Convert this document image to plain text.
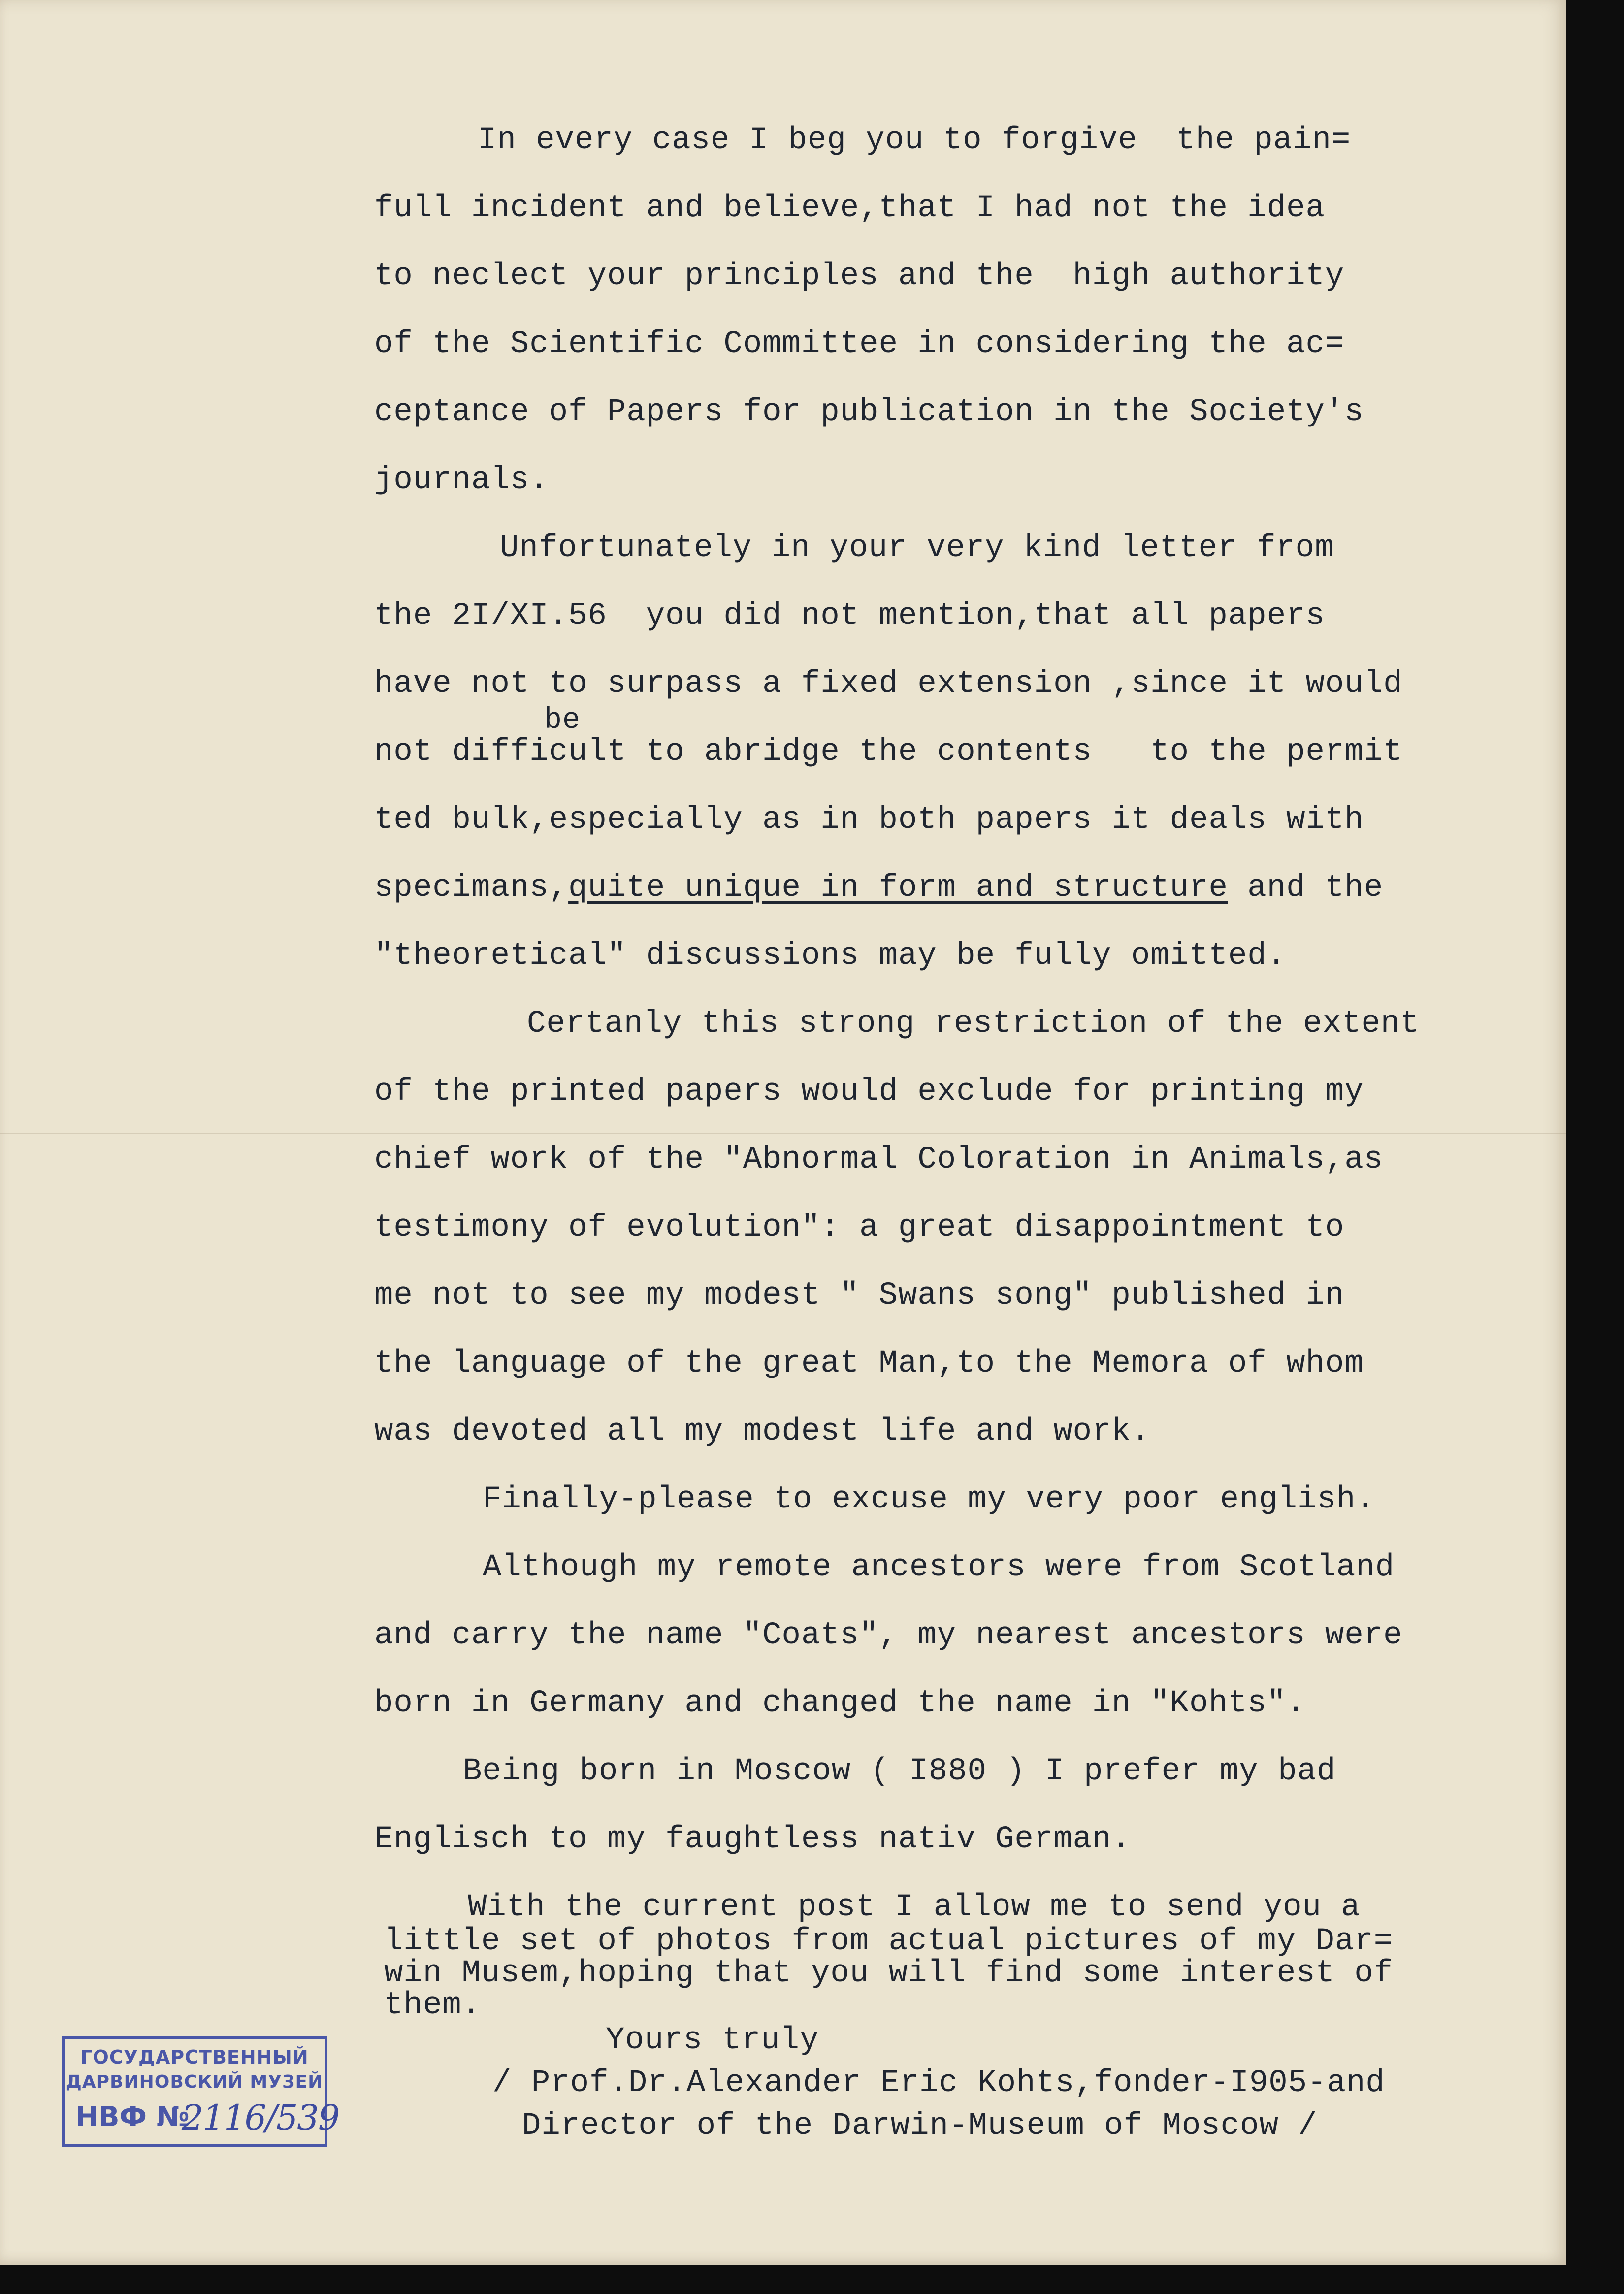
In every case I beg you to forgive  the pain=
full incident and believe,that I had not the idea
to neclect your principles and the  high authority
of the Scientific Committee in considering the ac=
ceptance of Papers for publication in the Society's
journals.
Unfortunately in your very kind letter from
the 2I/XI.56  you did not mention,that all papers
have not to surpass a fixed extension ,since it would
be
not difficult to abridge the contents   to the permit
ted bulk,especially as in both papers it deals with
specimans,quite unique in form and structure and the
"theoretical" discussions may be fully omitted.
Certanly this strong restriction of the extent
of the printed papers would exclude for printing my
chief work of the "Abnormal Coloration in Animals,as
testimony of evolution": a great disappointment to
me not to see my modest " Swans song" published in
the language of the great Man,to the Memora of whom
was devoted all my modest life and work.
Finally-please to excuse my very poor english.
Although my remote ancestors were from Scotland
and carry the name "Coats", my nearest ancestors were
born in Germany and changed the name in "Kohts".
Being born in Moscow ( I880 ) I prefer my bad
Englisch to my faughtless nativ German.
With the current post I allow me to send you a
little set of photos from actual pictures of my Dar=
win Musem,hoping that you will find some interest of
them.
Yours truly
/ Prof.Dr.Alexander Eric Kohts,fonder-I905-and
Director of the Darwin-Museum of Moscow /
ГОСУДАРСТВЕННЫЙ
ДАРВИНОВСКИЙ МУЗЕЙ
НВФ №
2116/539
